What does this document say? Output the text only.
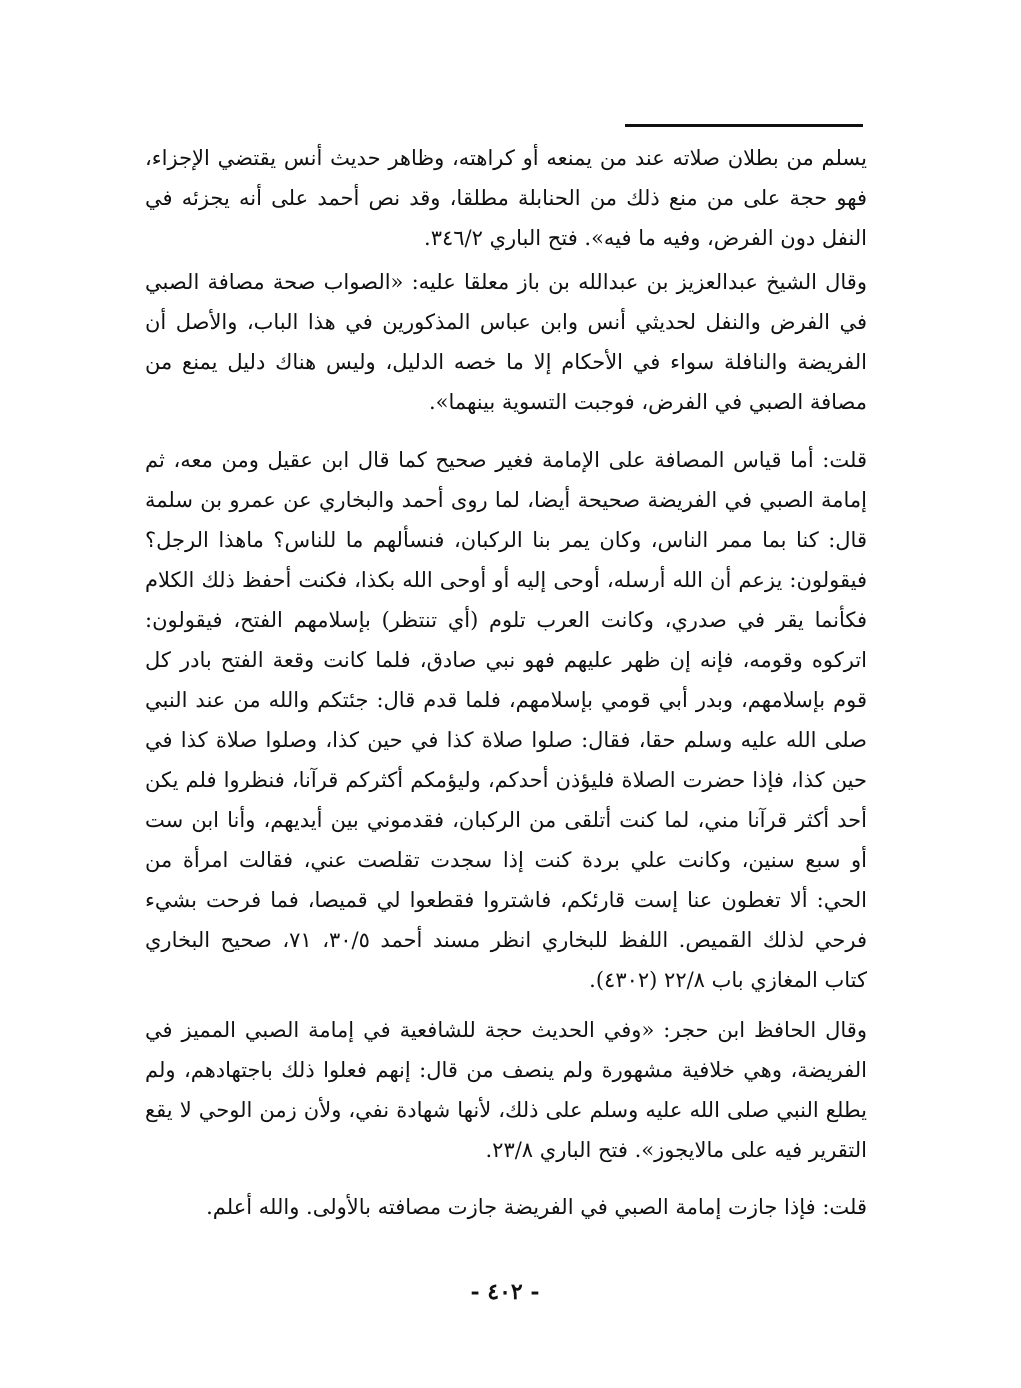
يسلم من بطلان صلاته عند من يمنعه أو كراهته، وظاهر حديث أنس يقتضي الإجزاء، فهو حجة على من منع ذلك من الحنابلة مطلقا، وقد نص أحمد على أنه يجزئه في النفل دون الفرض، وفيه ما فيه». فتح الباري ٣٤٦/٢.

وقال الشيخ عبدالعزيز بن عبدالله بن باز معلقا عليه: «الصواب صحة مصافة الصبي في الفرض والنفل لحديثي أنس وابن عباس المذكورين في هذا الباب، والأصل أن الفريضة والنافلة سواء في الأحكام إلا ما خصه الدليل، وليس هناك دليل يمنع من مصافة الصبي في الفرض، فوجبت التسوية بينهما».

قلت: أما قياس المصافة على الإمامة فغير صحيح كما قال ابن عقيل ومن معه، ثم إمامة الصبي في الفريضة صحيحة أيضا، لما روى أحمد والبخاري عن عمرو بن سلمة قال: كنا بما ممر الناس، وكان يمر بنا الركبان، فنسألهم ما للناس؟ ماهذا الرجل؟ فيقولون: يزعم أن الله أرسله، أوحى إليه أو أوحى الله بكذا، فكنت أحفظ ذلك الكلام فكأنما يقر في صدري، وكانت العرب تلوم (أي تنتظر) بإسلامهم الفتح، فيقولون: اتركوه وقومه، فإنه إن ظهر عليهم فهو نبي صادق، فلما كانت وقعة الفتح بادر كل قوم بإسلامهم، وبدر أبي قومي بإسلامهم، فلما قدم قال: جئتكم والله من عند النبي صلى الله عليه وسلم حقا، فقال: صلوا صلاة كذا في حين كذا، وصلوا صلاة كذا في حين كذا، فإذا حضرت الصلاة فليؤذن أحدكم، وليؤمكم أكثركم قرآنا، فنظروا فلم يكن أحد أكثر قرآنا مني، لما كنت أتلقى من الركبان، فقدموني بين أيديهم، وأنا ابن ست أو سبع سنين، وكانت علي بردة كنت إذا سجدت تقلصت عني، فقالت امرأة من الحي: ألا تغطون عنا إست قارئكم، فاشتروا فقطعوا لي قميصا، فما فرحت بشيء فرحي لذلك القميص. اللفظ للبخاري انظر مسند أحمد ٣٠/٥، ٧١، صحيح البخاري كتاب المغازي باب ٢٢/٨ (٤٣٠٢).

وقال الحافظ ابن حجر: «وفي الحديث حجة للشافعية في إمامة الصبي المميز في الفريضة، وهي خلافية مشهورة ولم ينصف من قال: إنهم فعلوا ذلك باجتهادهم، ولم يطلع النبي صلى الله عليه وسلم على ذلك، لأنها شهادة نفي، ولأن زمن الوحي لا يقع التقرير فيه على مالايجوز». فتح الباري ٢٣/٨.

قلت: فإذا جازت إمامة الصبي في الفريضة جازت مصافته بالأولى. والله أعلم.

- ٤٠٢ -
